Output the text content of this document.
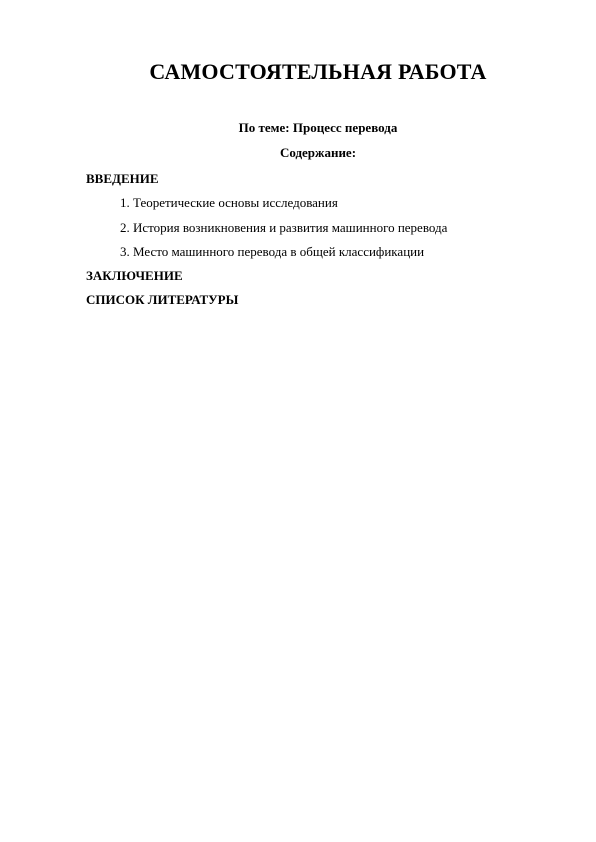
САМОСТОЯТЕЛЬНАЯ РАБОТА
По теме: Процесс перевода
Содержание:
ВВЕДЕНИЕ
1. Теоретические основы исследования
2. История возникновения и развития машинного перевода
3. Место машинного перевода в общей классификации
ЗАКЛЮЧЕНИЕ
СПИСОК ЛИТЕРАТУРЫ
